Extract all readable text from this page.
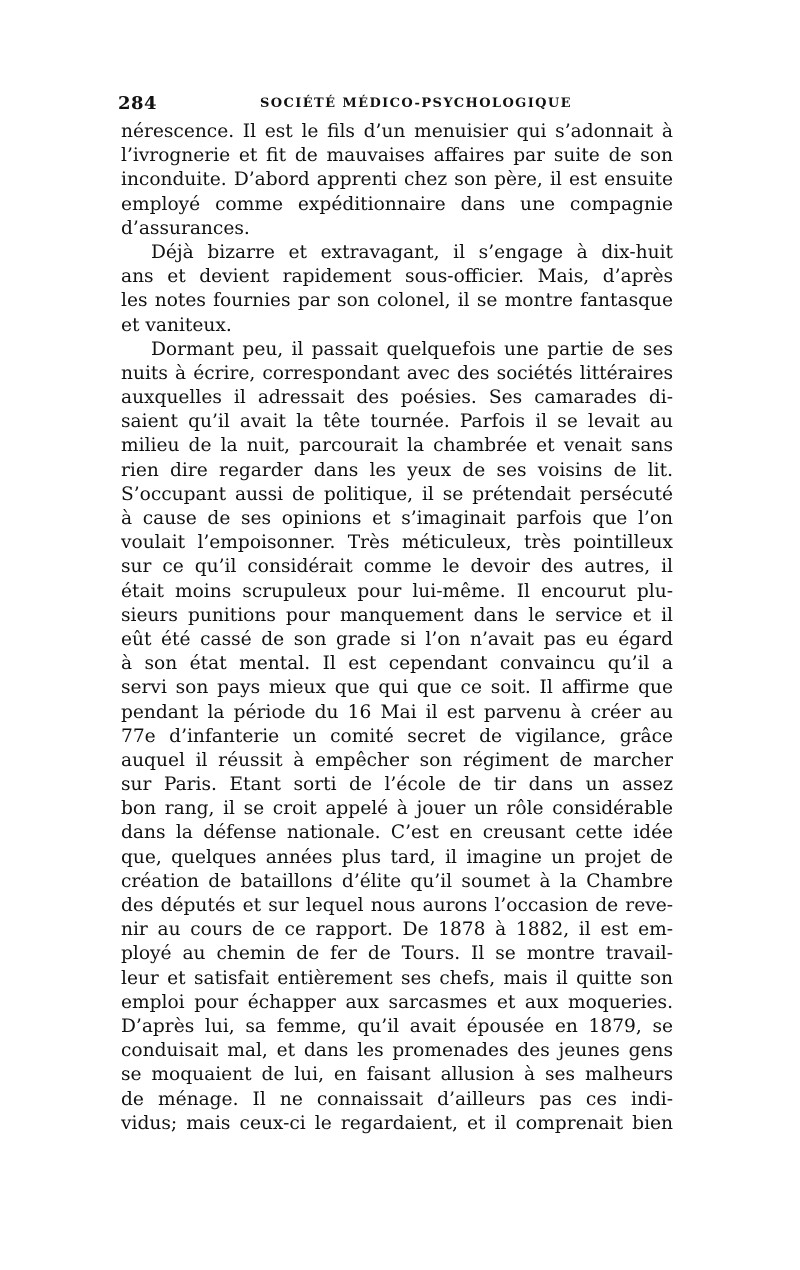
284	SOCIÉTÉ MÉDICO-PSYCHOLOGIQUE
nérescence. Il est le fils d’un menuisier qui s’adonnait à
l’ivrognerie et fit de mauvaises affaires par suite de son
inconduite. D’abord apprenti chez son père, il est ensuite
employé comme expéditionnaire dans une compagnie
d’assurances.
Déjà bizarre et extravagant, il s’engage à dix-huit
ans et devient rapidement sous-officier. Mais, d’après
les notes fournies par son colonel, il se montre fantasque
et vaniteux.
Dormant peu, il passait quelquefois une partie de ses
nuits à écrire, correspondant avec des sociétés littéraires
auxquelles il adressait des poésies. Ses camarades di-
saient qu’il avait la tête tournée. Parfois il se levait au
milieu de la nuit, parcourait la chambrée et venait sans
rien dire regarder dans les yeux de ses voisins de lit.
S’occupant aussi de politique, il se prétendait persécuté
à cause de ses opinions et s’imaginait parfois que l’on
voulait l’empoisonner. Très méticuleux, très pointilleux
sur ce qu’il considérait comme le devoir des autres, il
était moins scrupuleux pour lui-même. Il encourut plu-
sieurs punitions pour manquement dans le service et il
eût été cassé de son grade si l’on n’avait pas eu égard
à son état mental. Il est cependant convaincu qu’il a
servi son pays mieux que qui que ce soit. Il affirme que
pendant la période du 16 Mai il est parvenu à créer au
77e d’infanterie un comité secret de vigilance, grâce
auquel il réussit à empêcher son régiment de marcher
sur Paris. Etant sorti de l’école de tir dans un assez
bon rang, il se croit appelé à jouer un rôle considérable
dans la défense nationale. C’est en creusant cette idée
que, quelques années plus tard, il imagine un projet de
création de bataillons d’élite qu’il soumet à la Chambre
des députés et sur lequel nous aurons l’occasion de reve-
nir au cours de ce rapport. De 1878 à 1882, il est em-
ployé au chemin de fer de Tours. Il se montre travail-
leur et satisfait entièrement ses chefs, mais il quitte son
emploi pour échapper aux sarcasmes et aux moqueries.
D’après lui, sa femme, qu’il avait épousée en 1879, se
conduisait mal, et dans les promenades des jeunes gens
se moquaient de lui, en faisant allusion à ses malheurs
de ménage. Il ne connaissait d’ailleurs pas ces indi-
vidus; mais ceux-ci le regardaient, et il comprenait bien
